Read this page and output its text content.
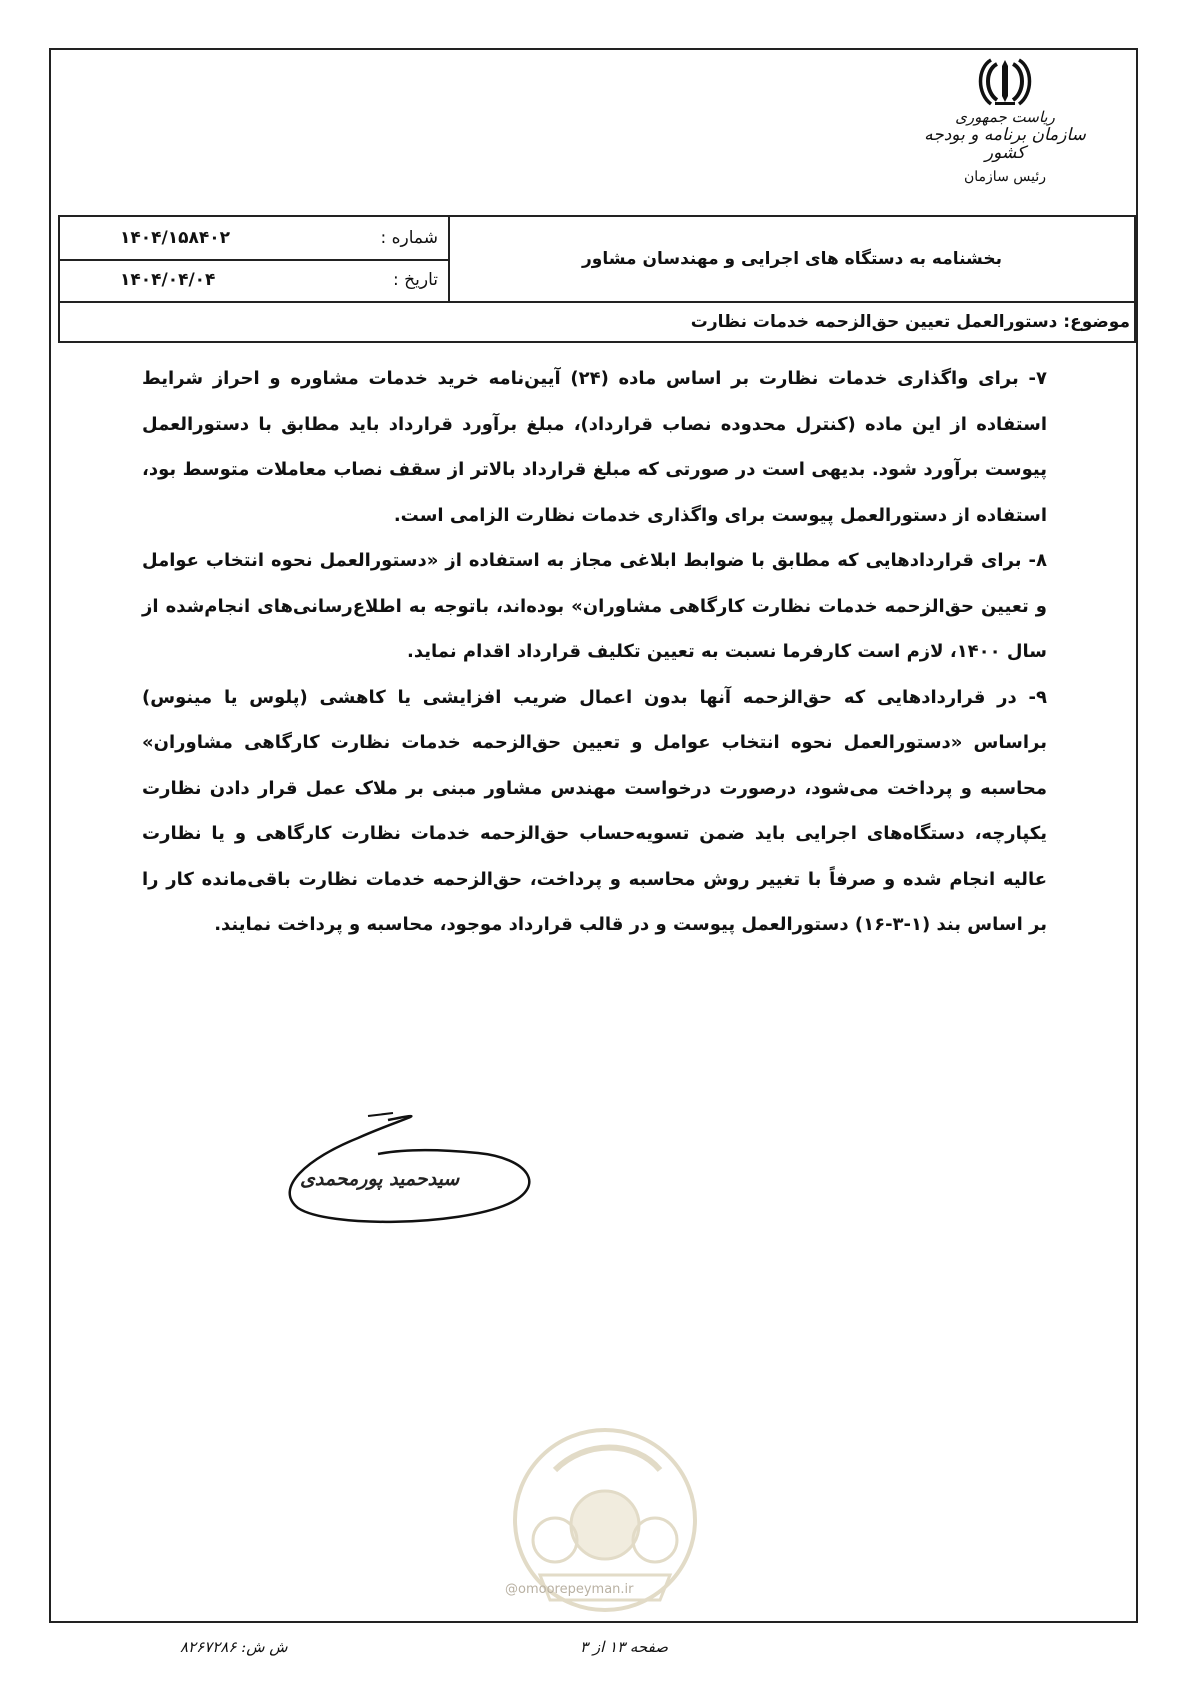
ریاست جمهوری
سازمان برنامه و بودجه کشور
رئیس سازمان
بخشنامه به دستگاه های اجرایی و مهندسان مشاور
شماره :
۱۴۰۴/۱۵۸۴۰۲
تاریخ :
۱۴۰۴/۰۴/۰۴
موضوع: دستورالعمل تعیین حق‌الزحمه خدمات نظارت

۷- برای واگذاری خدمات نظارت بر اساس ماده (۲۴) آیین‌نامه خرید خدمات مشاوره و احراز شرایط استفاده از این ماده (کنترل محدوده نصاب قرارداد)، مبلغ برآورد قرارداد باید مطابق با دستورالعمل پیوست برآورد شود. بدیهی است در صورتی که مبلغ قرارداد بالاتر از سقف نصاب معاملات متوسط بود، استفاده از دستورالعمل پیوست برای واگذاری خدمات نظارت الزامی است.

۸- برای قراردادهایی که مطابق با ضوابط ابلاغی مجاز به استفاده از «دستورالعمل نحوه انتخاب عوامل و تعیین حق‌الزحمه خدمات نظارت کارگاهی مشاوران» بوده‌اند، باتوجه به اطلاع‌رسانی‌های انجام‌شده از سال ۱۴۰۰، لازم است کارفرما نسبت به تعیین تکلیف قرارداد اقدام نماید.

۹- در قراردادهایی که حق‌الزحمه آنها بدون اعمال ضریب افزایشی یا کاهشی (پلوس یا مینوس) براساس «دستورالعمل نحوه انتخاب عوامل و تعیین حق‌الزحمه خدمات نظارت کارگاهی مشاوران» محاسبه و پرداخت می‌شود، درصورت درخواست مهندس مشاور مبنی بر ملاک عمل قرار دادن نظارت یکپارچه، دستگاه‌های اجرایی باید ضمن تسویه‌حساب حق‌الزحمه خدمات نظارت کارگاهی و یا نظارت عالیه انجام شده و صرفاً با تغییر روش محاسبه و پرداخت، حق‌الزحمه خدمات نظارت باقی‌مانده کار را بر اساس بند (۱-۳-۱۶) دستورالعمل پیوست و در قالب قرارداد موجود، محاسبه و پرداخت نمایند.

سیدحمید پورمحمدی
@omoorepeyman.ir
صفحه ۱۳ از ۳
ش ش: ۸۲۶۷۲۸۶
